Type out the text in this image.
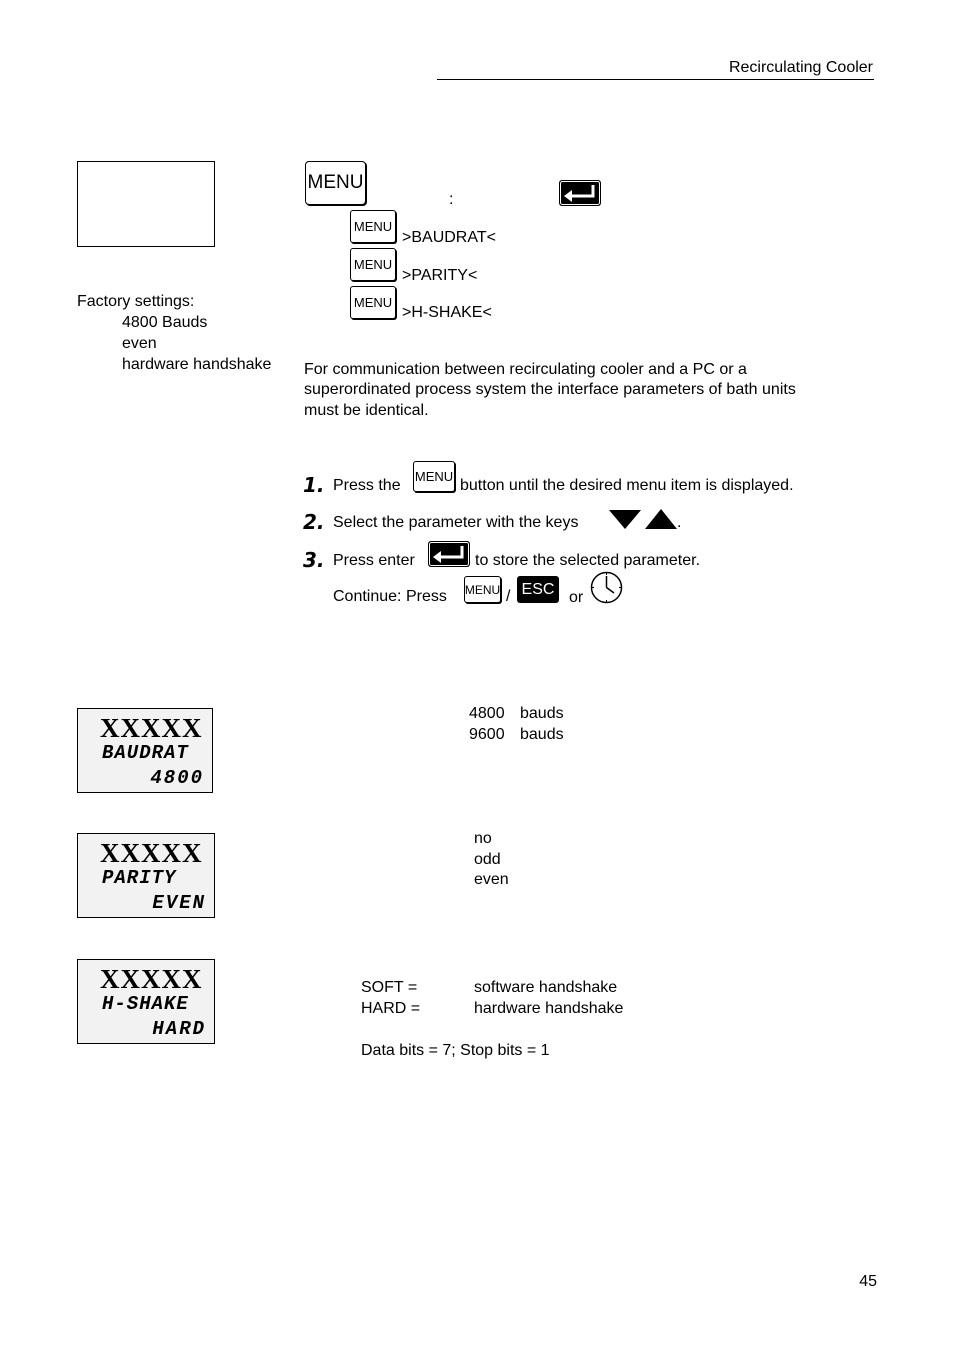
Recirculating Cooler
MENU
:
MENU
>BAUDRAT<
MENU
>PARITY<
MENU
>H-SHAKE<
Factory settings:
4800 Bauds
even
hardware handshake For communication between recirculating cooler and a PC or a
superordinated process system the interface parameters of bath units
must be identical.
1. Press the
MENU
button until the desired menu item is displayed.
2. Select the parameter with the keys	.
3. Press enter	to store the selected parameter.
Continue: Press MENU / ESC or
XXXXX
BAUDRAT
4800
4800 bauds
9600 bauds
XXXXX
PARITY
EVEN
no
odd
even
XXXXX
H-SHAKE
HARD
SOFT =	software handshake
HARD =	hardware handshake
Data bits = 7; Stop bits = 1
45
